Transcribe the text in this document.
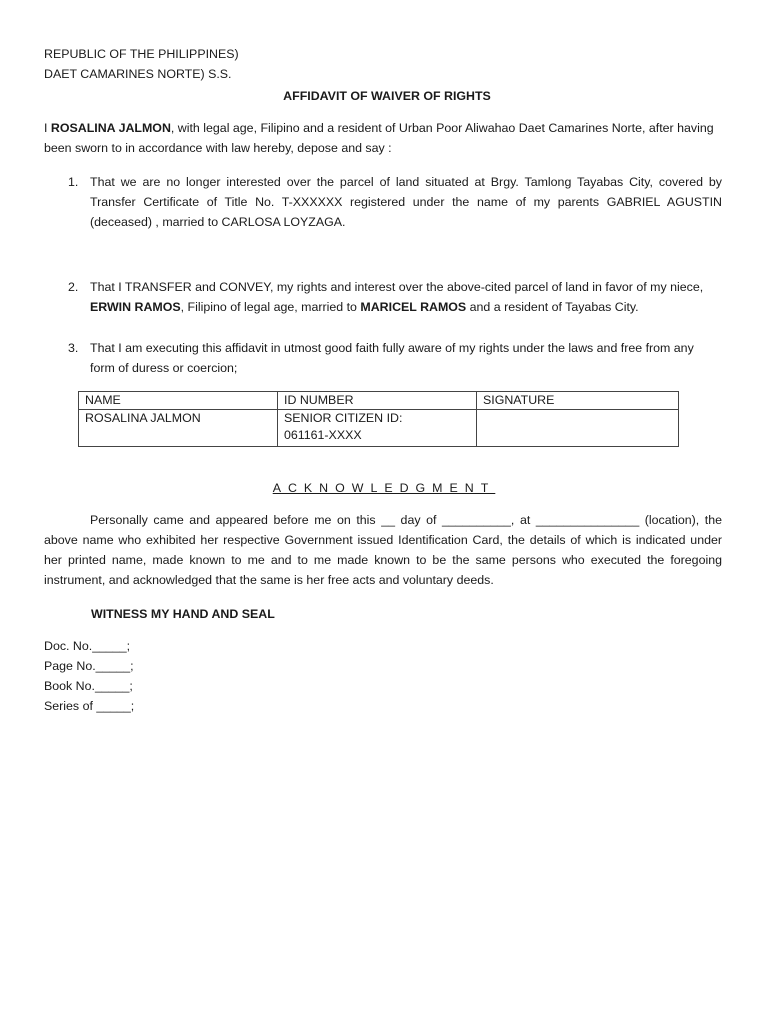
REPUBLIC OF THE PHILIPPINES)
DAET CAMARINES NORTE) S.S.
AFFIDAVIT OF WAIVER OF RIGHTS
I ROSALINA JALMON, with legal age, Filipino and a resident of Urban Poor Aliwahao Daet Camarines Norte, after having
been sworn to in accordance with law hereby, depose and say :
1. That we are no longer interested over the parcel of land situated at Brgy. Tamlong Tayabas City, covered by
Transfer Certificate of Title No. T-XXXXXX registered under the name of my parents GABRIEL AGUSTIN
(deceased) , married to CARLOSA LOYZAGA.
2. That I TRANSFER and CONVEY, my rights and interest over the above-cited parcel of land in favor of my niece,
ERWIN RAMOS, Filipino of legal age, married to MARICEL RAMOS and a resident of Tayabas City.
3. That I am executing this affidavit in utmost good faith fully aware of my rights under the laws and free from any
form of duress or coercion;
NAME	ID NUMBER	SIGNATURE
ROSALINA JALMON	SENIOR CITIZEN ID:
061161-XXXX	

ACKNOWLEDGMENT
Personally came and appeared before me on this __ day of __________, at _______________ (location), the
above name who exhibited her respective Government issued Identification Card, the details of which is indicated under
her printed name, made known to me and to me made known to be the same persons who executed the foregoing
instrument, and acknowledged that the same is her free acts and voluntary deeds.
WITNESS MY HAND AND SEAL
Doc. No._____;
Page No._____;
Book No._____;
Series of _____;
